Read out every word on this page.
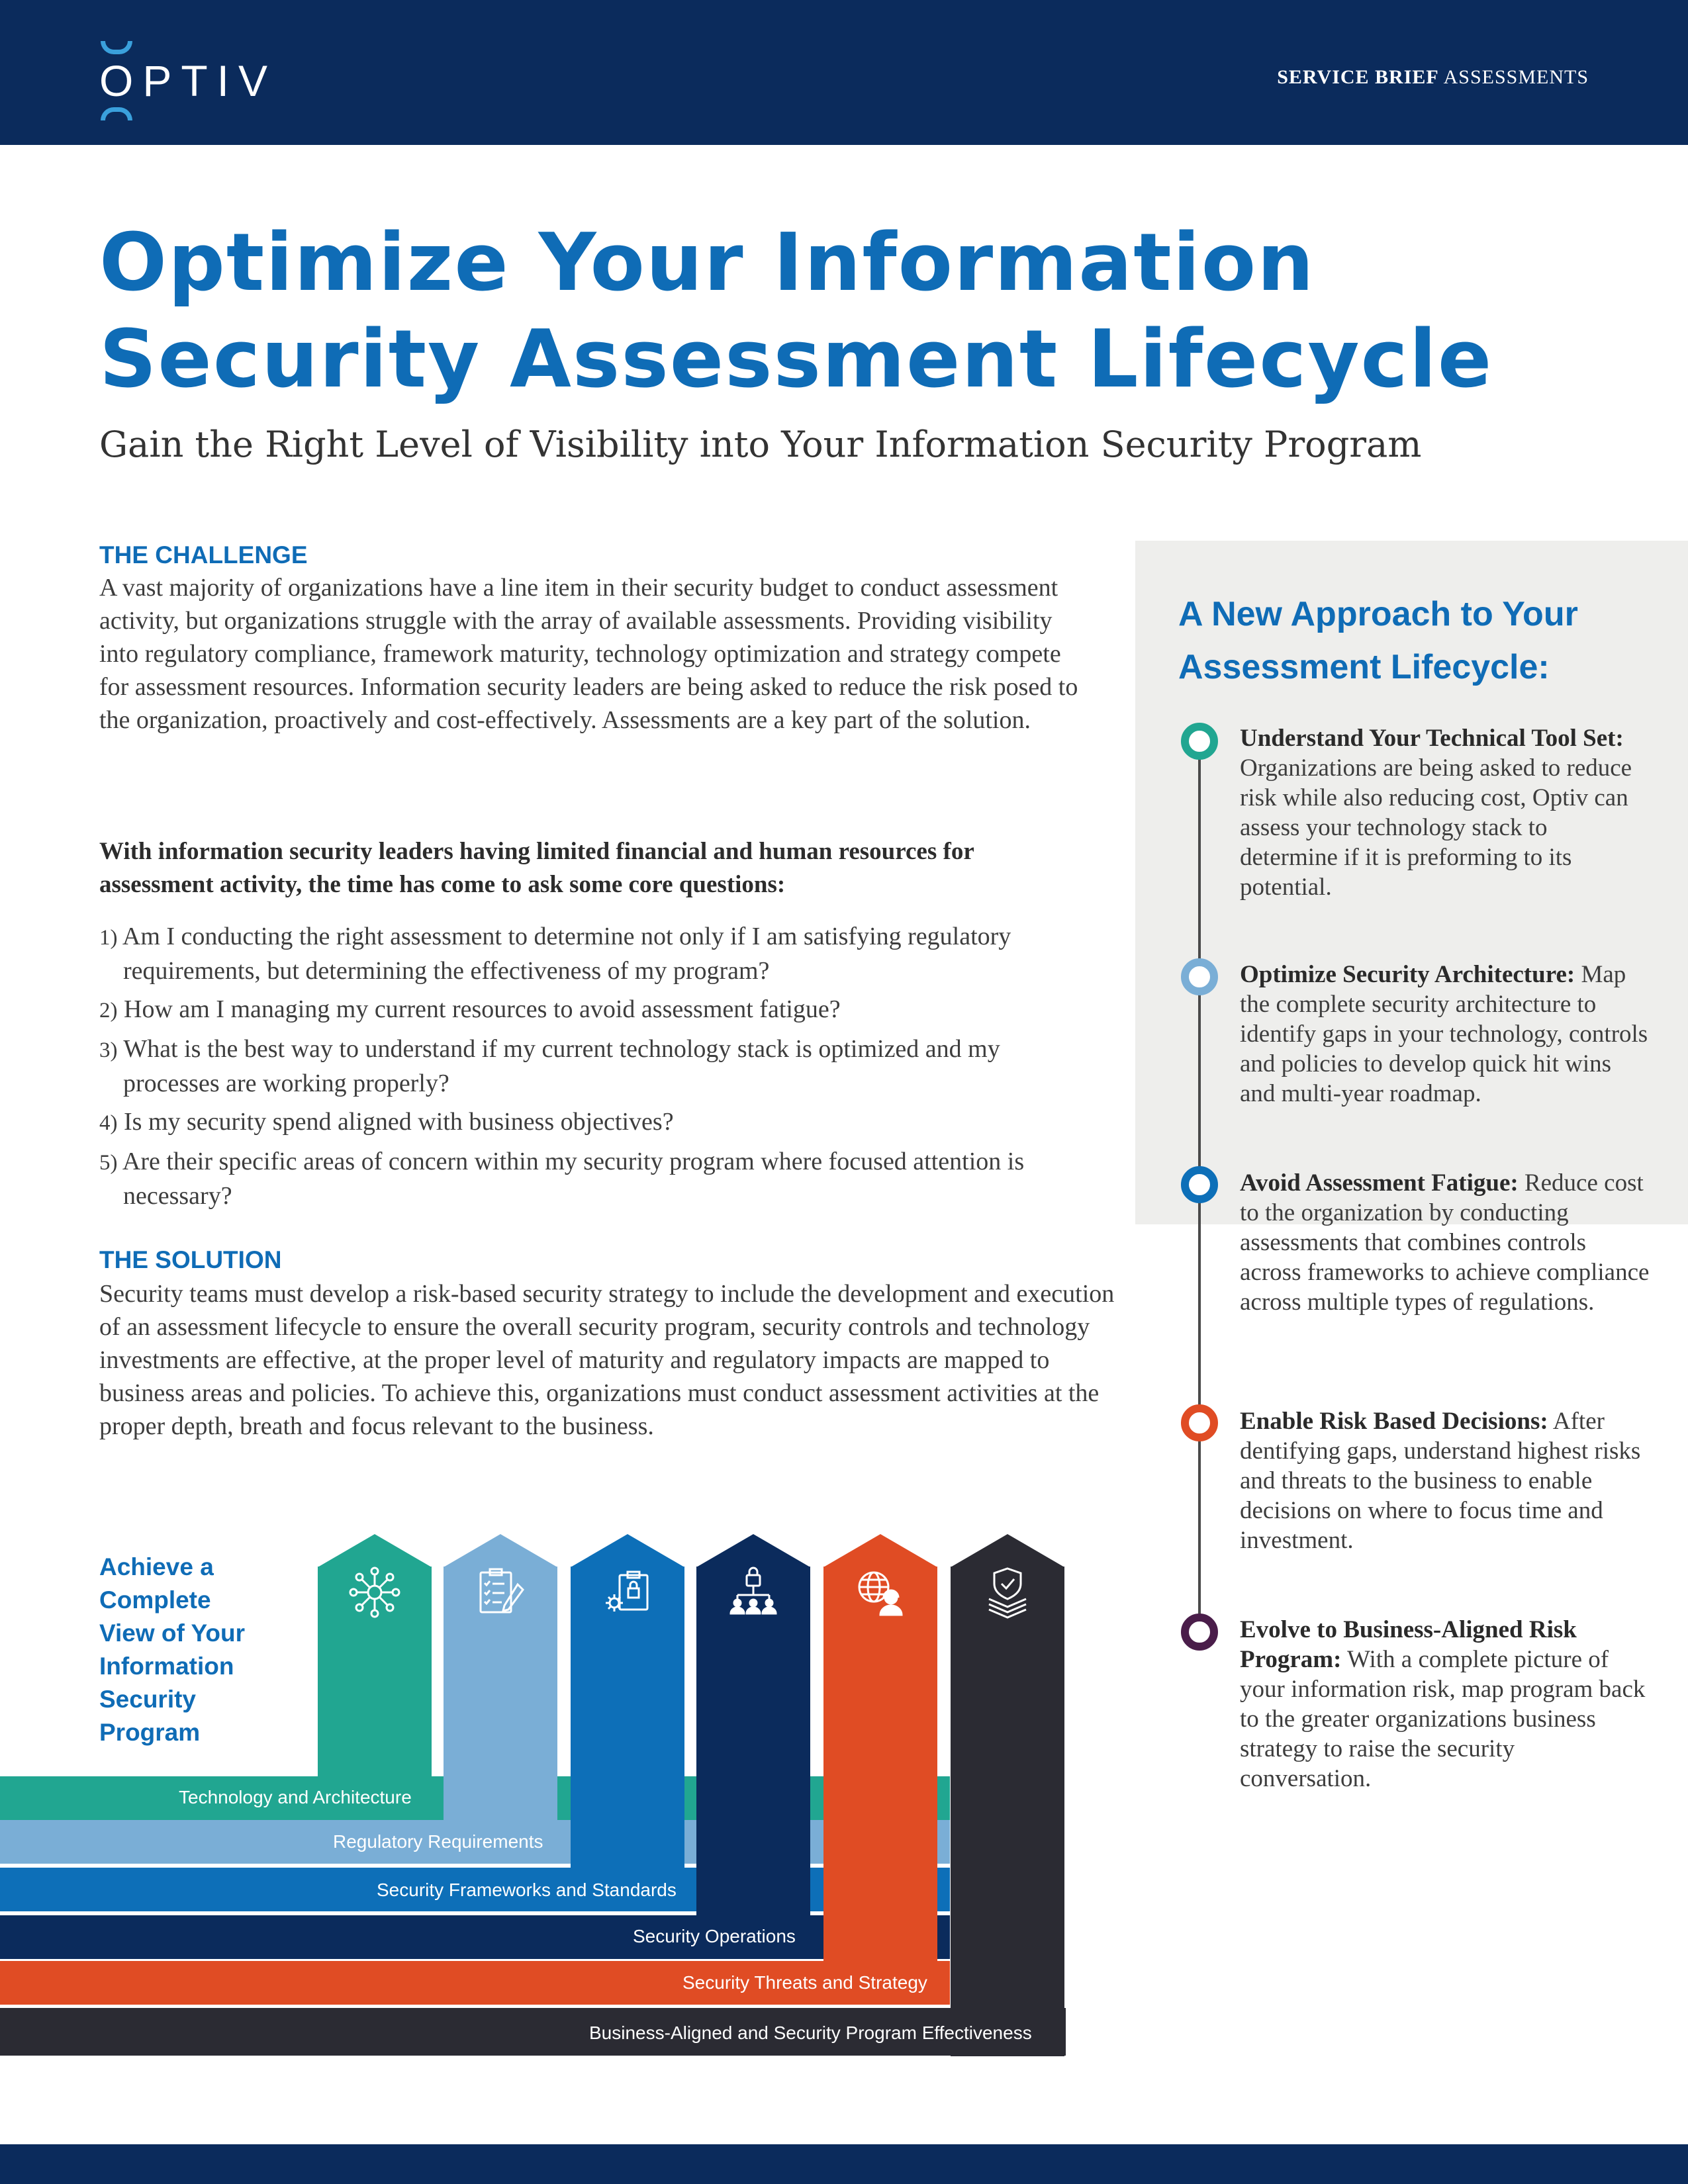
OPTIV	SERVICE BRIEF ASSESSMENTS
Optimize Your Information
Security Assessment Lifecycle
Gain the Right Level of Visibility into Your Information Security Program
THE CHALLENGE
A vast majority of organizations have a line item in their security budget to conduct assessment activity, but organizations struggle with the array of available assessments. Providing visibility into regulatory compliance, framework maturity, technology optimization and strategy compete for assessment resources. Information security leaders are being asked to reduce the risk posed to the organization, proactively and cost-effectively. Assessments are a key part of the solution.
With information security leaders having limited financial and human resources for assessment activity, the time has come to ask some core questions:
1) Am I conducting the right assessment to determine not only if I am satisfying regulatory requirements, but determining the effectiveness of my program?
2) How am I managing my current resources to avoid assessment fatigue?
3) What is the best way to understand if my current technology stack is optimized and my processes are working properly?
4) Is my security spend aligned with business objectives?
5) Are their specific areas of concern within my security program where focused attention is necessary?
THE SOLUTION
Security teams must develop a risk-based security strategy to include the development and execution of an assessment lifecycle to ensure the overall security program, security controls and technology investments are effective, at the proper level of maturity and regulatory impacts are mapped to business areas and policies. To achieve this, organizations must conduct assessment activities at the proper depth, breath and focus relevant to the business.
Achieve a
Complete
View of Your
Information
Security
Program
Technology and Architecture
Regulatory Requirements
Security Frameworks and Standards
Security Operations
Security Threats and Strategy
Business-Aligned and Security Program Effectiveness
A New Approach to Your Assessment Lifecycle:
Understand Your Technical Tool Set:  Organizations are being asked to reduce risk while also reducing cost, Optiv can assess your technology stack to determine if it is preforming to its potential.
Optimize Security Architecture: Map the complete security architecture to identify gaps in your technology, controls and policies to develop quick hit wins and multi-year roadmap.
Avoid Assessment Fatigue: Reduce cost to the organization by conducting assessments that combines controls across frameworks to achieve compliance across multiple types of regulations.
Enable Risk Based Decisions: After dentifying gaps, understand highest risks and threats to the business to enable decisions on where to focus time and investment.
Evolve to Business-Aligned Risk Program: With a complete picture of your information risk, map program back to the greater organizations business strategy to raise the security conversation.
